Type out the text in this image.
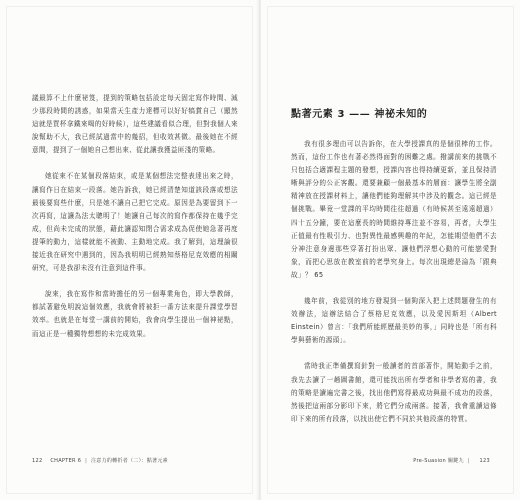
議最算不上什麼祕笈，提到的策略包括設定每天固定寫作時間、減少那段時間的誘惑，如果當天生產力達標可以好好犒賞自己（顯然這就是買杯拿鐵來喝的好時候），這些建議看似合理，但對我個人來說幫助不大，我已經試過當中的幾招，但收效甚微。最後她在不經意間，提到了一個她自己想出來、從此讓我獲益匪淺的策略。

她從來不在某個段落結束，或是某個想法完整表達出來之時，讓寫作日在結束一段落。她告訴我，她已經清楚知道該段落或想法最後要寫些什麼，只是她不讓自己把它完成。原因是為要留到下一次再寫，這讓為法太聰明了！她讓自己每次的寫作都保持在幾乎完成，但尚未完成的狀態，藉此讓認知閉合需求成為促使她急著再度提筆的動力，這樣就能不被動、主動地完成。我了解到，這理論很接近我在研究中遇到的，因為我明明已經熟知蔡格尼克效應的相關研究，可是我卻未沒有注意到這件事。

說來，我在寫作和當時擔任的另一個專業角色，即大學教師，都試著避免明說這個效應，我就會將被拒一番方法來提升課堂學習效率。也就是在每堂一講前的開始，我會向學生提出一個神祕點，而這正是一種獨特想想的未完成效果。

122 CHAPTER 6 | 注意力的轉折者（二）：點著元素
點著元素 3 —— 神祕未知的

我有很多理由可以告訴你，在大學授課真的是個很棒的工作。然而，這份工作也有著必然得面對的困難之處。撥講前來的挑戰不只包括合適課程主題的發想，授課內容也得持續更新，並且保持清晰與評分的公正客觀。還要兼顧一個最基本的層面：讓學生將全副精神放在授課材料上，讓他們能夠理解其中涉及的觀念。這已經是個挑戰。畢竟一堂課的平均時間往往超過（有時候甚至遠遠超過）四十五分鐘，要在這麼長的時間維持專注並不容易，再者，大學生正值最有性吸引力、也對異性最感興趣的年紀，怎能期望他們不去分神注意身邊那些穿著打扮出眾、讓他們浮想心動的可能戀愛對象，而把心思放在教室前的老學究身上。每次出現總是淪為「跟典故」？ 65

幾年前，我從別的地方發現到一個夠深入把上述問題發生的有效辦法，這辦法結合了蔡格尼克效應，以及愛因斯坦（Albert Einstein）曾言：「我們所能經歷最美妙的事，」同時也是「所有科學與藝術的源頭」。

當時我正準備撰寫針對一般讀者的首部著作，開始動手之前，我先去讀了一趟圖書館，還可能找出所有學者和非學者寫的書，我的策略是讀遍完書之後，找出他們寫得最成功與最不成功的段落，然後把這兩部分影印下來，將它們分成兩落。接著，我會重讀這條印下來的所有段落，以找出使它們不同於其他段落的特質。

Pre-Suasion 關鍵九 | 123
